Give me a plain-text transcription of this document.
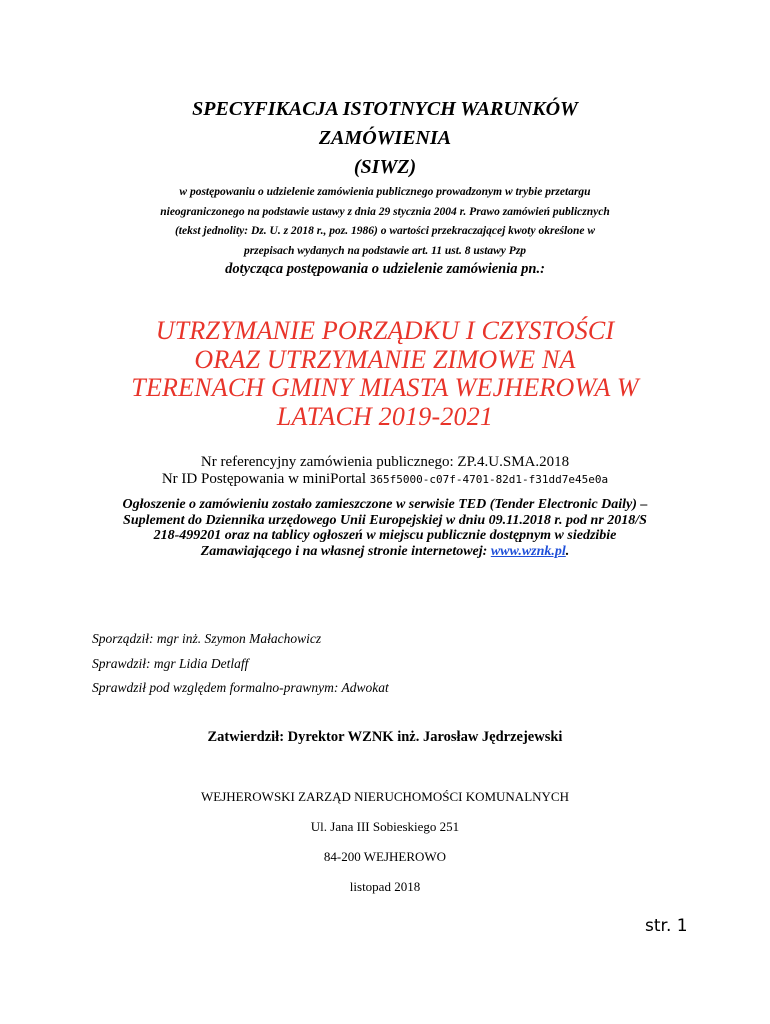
SPECYFIKACJA ISTOTNYCH WARUNKÓW
ZAMÓWIENIA
(SIWZ)
w postępowaniu o udzielenie zamówienia publicznego prowadzonym w trybie przetargu
nieograniczonego na podstawie ustawy z dnia 29 stycznia 2004 r. Prawo zamówień publicznych
(tekst jednolity: Dz. U. z 2018 r., poz. 1986) o wartości przekraczającej kwoty określone w
przepisach wydanych na podstawie art. 11 ust. 8 ustawy Pzp
dotycząca postępowania o udzielenie zamówienia pn.:
UTRZYMANIE PORZĄDKU I CZYSTOŚCI
ORAZ UTRZYMANIE ZIMOWE NA
TERENACH GMINY MIASTA WEJHEROWA W
LATACH 2019-2021
Nr referencyjny zamówienia publicznego: ZP.4.U.SMA.2018
Nr ID Postępowania w miniPortal 365f5000-c07f-4701-82d1-f31dd7e45e0a
Ogłoszenie o zamówieniu zostało zamieszczone w serwisie TED (Tender Electronic Daily) –
Suplement do Dziennika urzędowego Unii Europejskiej w dniu 09.11.2018 r. pod nr 2018/S
218-499201 oraz na tablicy ogłoszeń w miejscu publicznie dostępnym w siedzibie
Zamawiającego i na własnej stronie internetowej: www.wznk.pl.
Sporządził: mgr inż. Szymon Małachowicz
Sprawdził: mgr Lidia Detlaff
Sprawdził pod względem formalno-prawnym: Adwokat
Zatwierdził: Dyrektor WZNK inż. Jarosław Jędrzejewski
WEJHEROWSKI ZARZĄD NIERUCHOMOŚCI KOMUNALNYCH
Ul. Jana III Sobieskiego 251
84-200 WEJHEROWO
listopad 2018
str. 1
